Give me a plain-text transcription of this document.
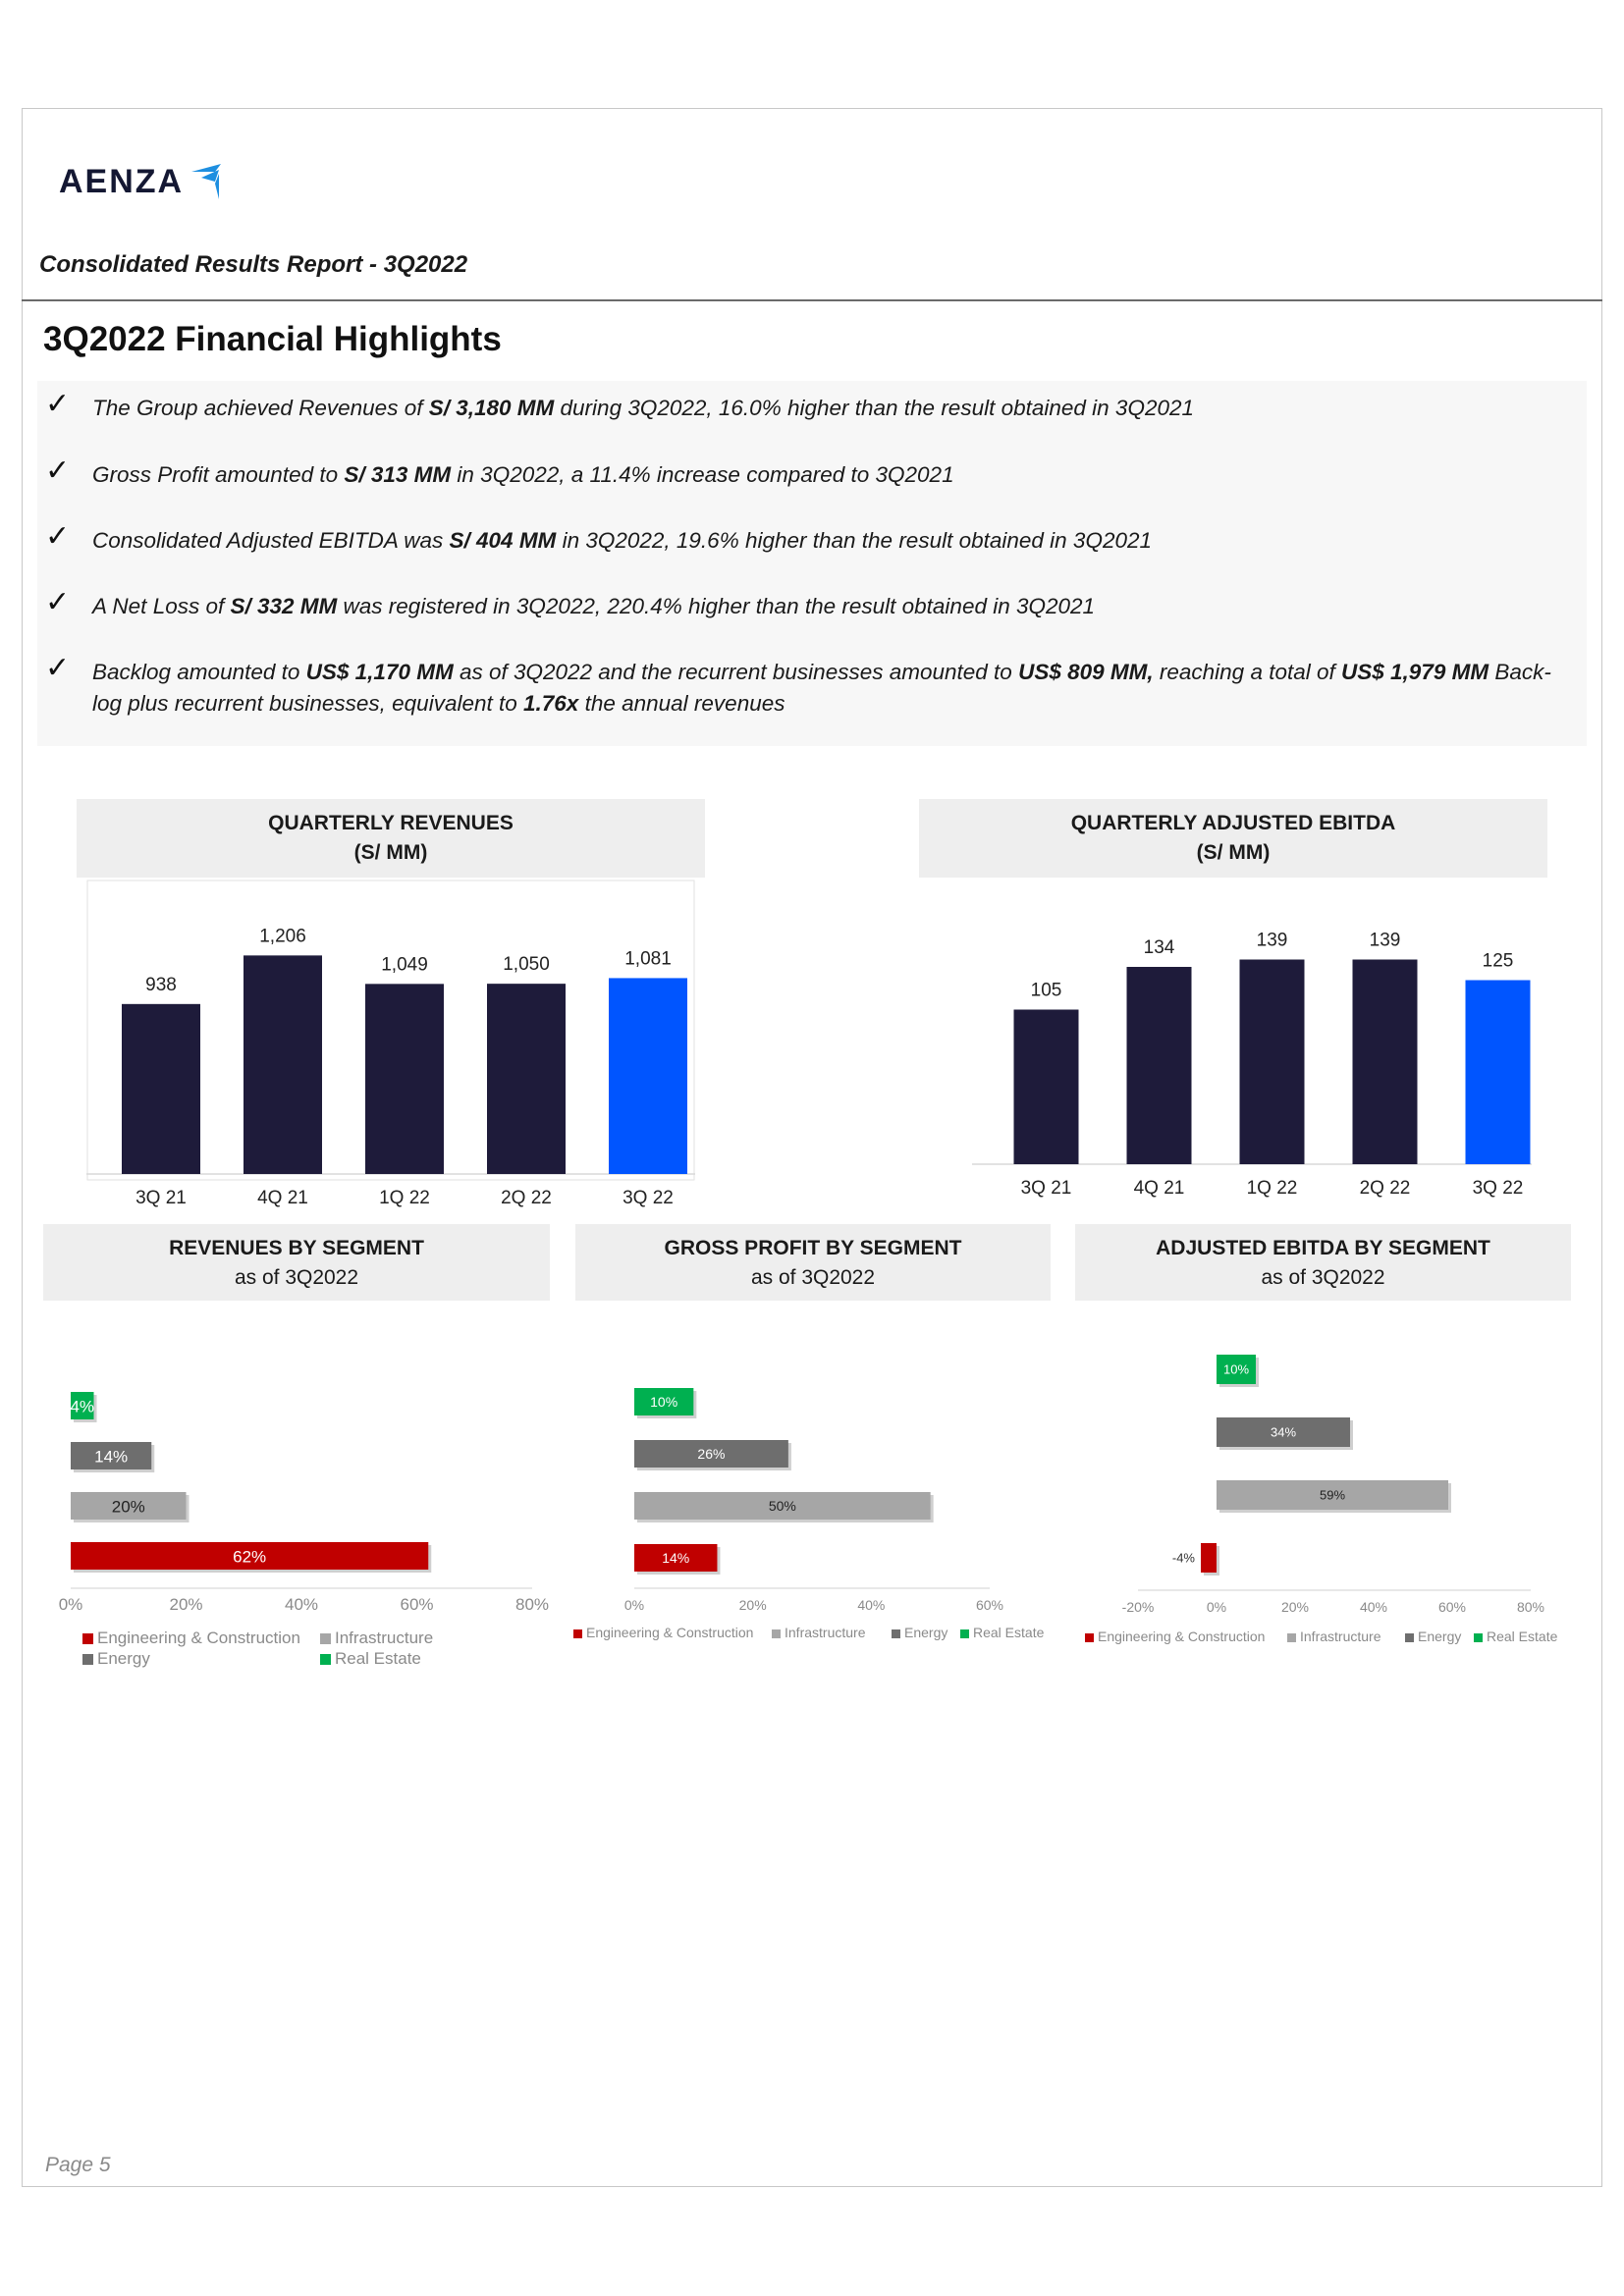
AENZA
Consolidated Results Report - 3Q2022
3Q2022 Financial Highlights
✓ The Group achieved Revenues of S/ 3,180 MM during 3Q2022, 16.0% higher than the result obtained in 3Q2021
✓ Gross Profit amounted to S/ 313 MM in 3Q2022, a 11.4% increase compared to 3Q2021
✓ Consolidated Adjusted EBITDA was S/ 404 MM in 3Q2022, 19.6% higher than the result obtained in 3Q2021
✓ A Net Loss of S/ 332 MM was registered in 3Q2022, 220.4% higher than the result obtained in 3Q2021
✓ Backlog amounted to US$ 1,170 MM as of 3Q2022 and the recurrent businesses amounted to US$ 809 MM, reaching a total of US$ 1,979 MM Back-log plus recurrent businesses, equivalent to 1.76x the annual revenues
QUARTERLY REVENUES
(S/ MM)
QUARTERLY ADJUSTED EBITDA
(S/ MM)
REVENUES BY SEGMENT
as of 3Q2022
GROSS PROFIT BY SEGMENT
as of 3Q2022
ADJUSTED EBITDA BY SEGMENT
as of 3Q2022
938
3Q 21
1,206
4Q 21
1,049
1Q 22
1,050
2Q 22
1,081
3Q 22
105
3Q 21
134
4Q 21
139
1Q 22
139
2Q 22
125
3Q 22
0%	20%	40%	60%	80%
4%
14%
20%
62%
Engineering & Construction Infrastructure
Energy	Real Estate
0%	20%	40%	60%
10%
26%
50%
14%
Engineering & Construction Infrastructure	Energy Real Estate
-20%	0%	20%	40%	60%	80%
10%
34%
59%
-4%
Engineering & Construction	Infrastructure	Energy Real Estate
Page 5
